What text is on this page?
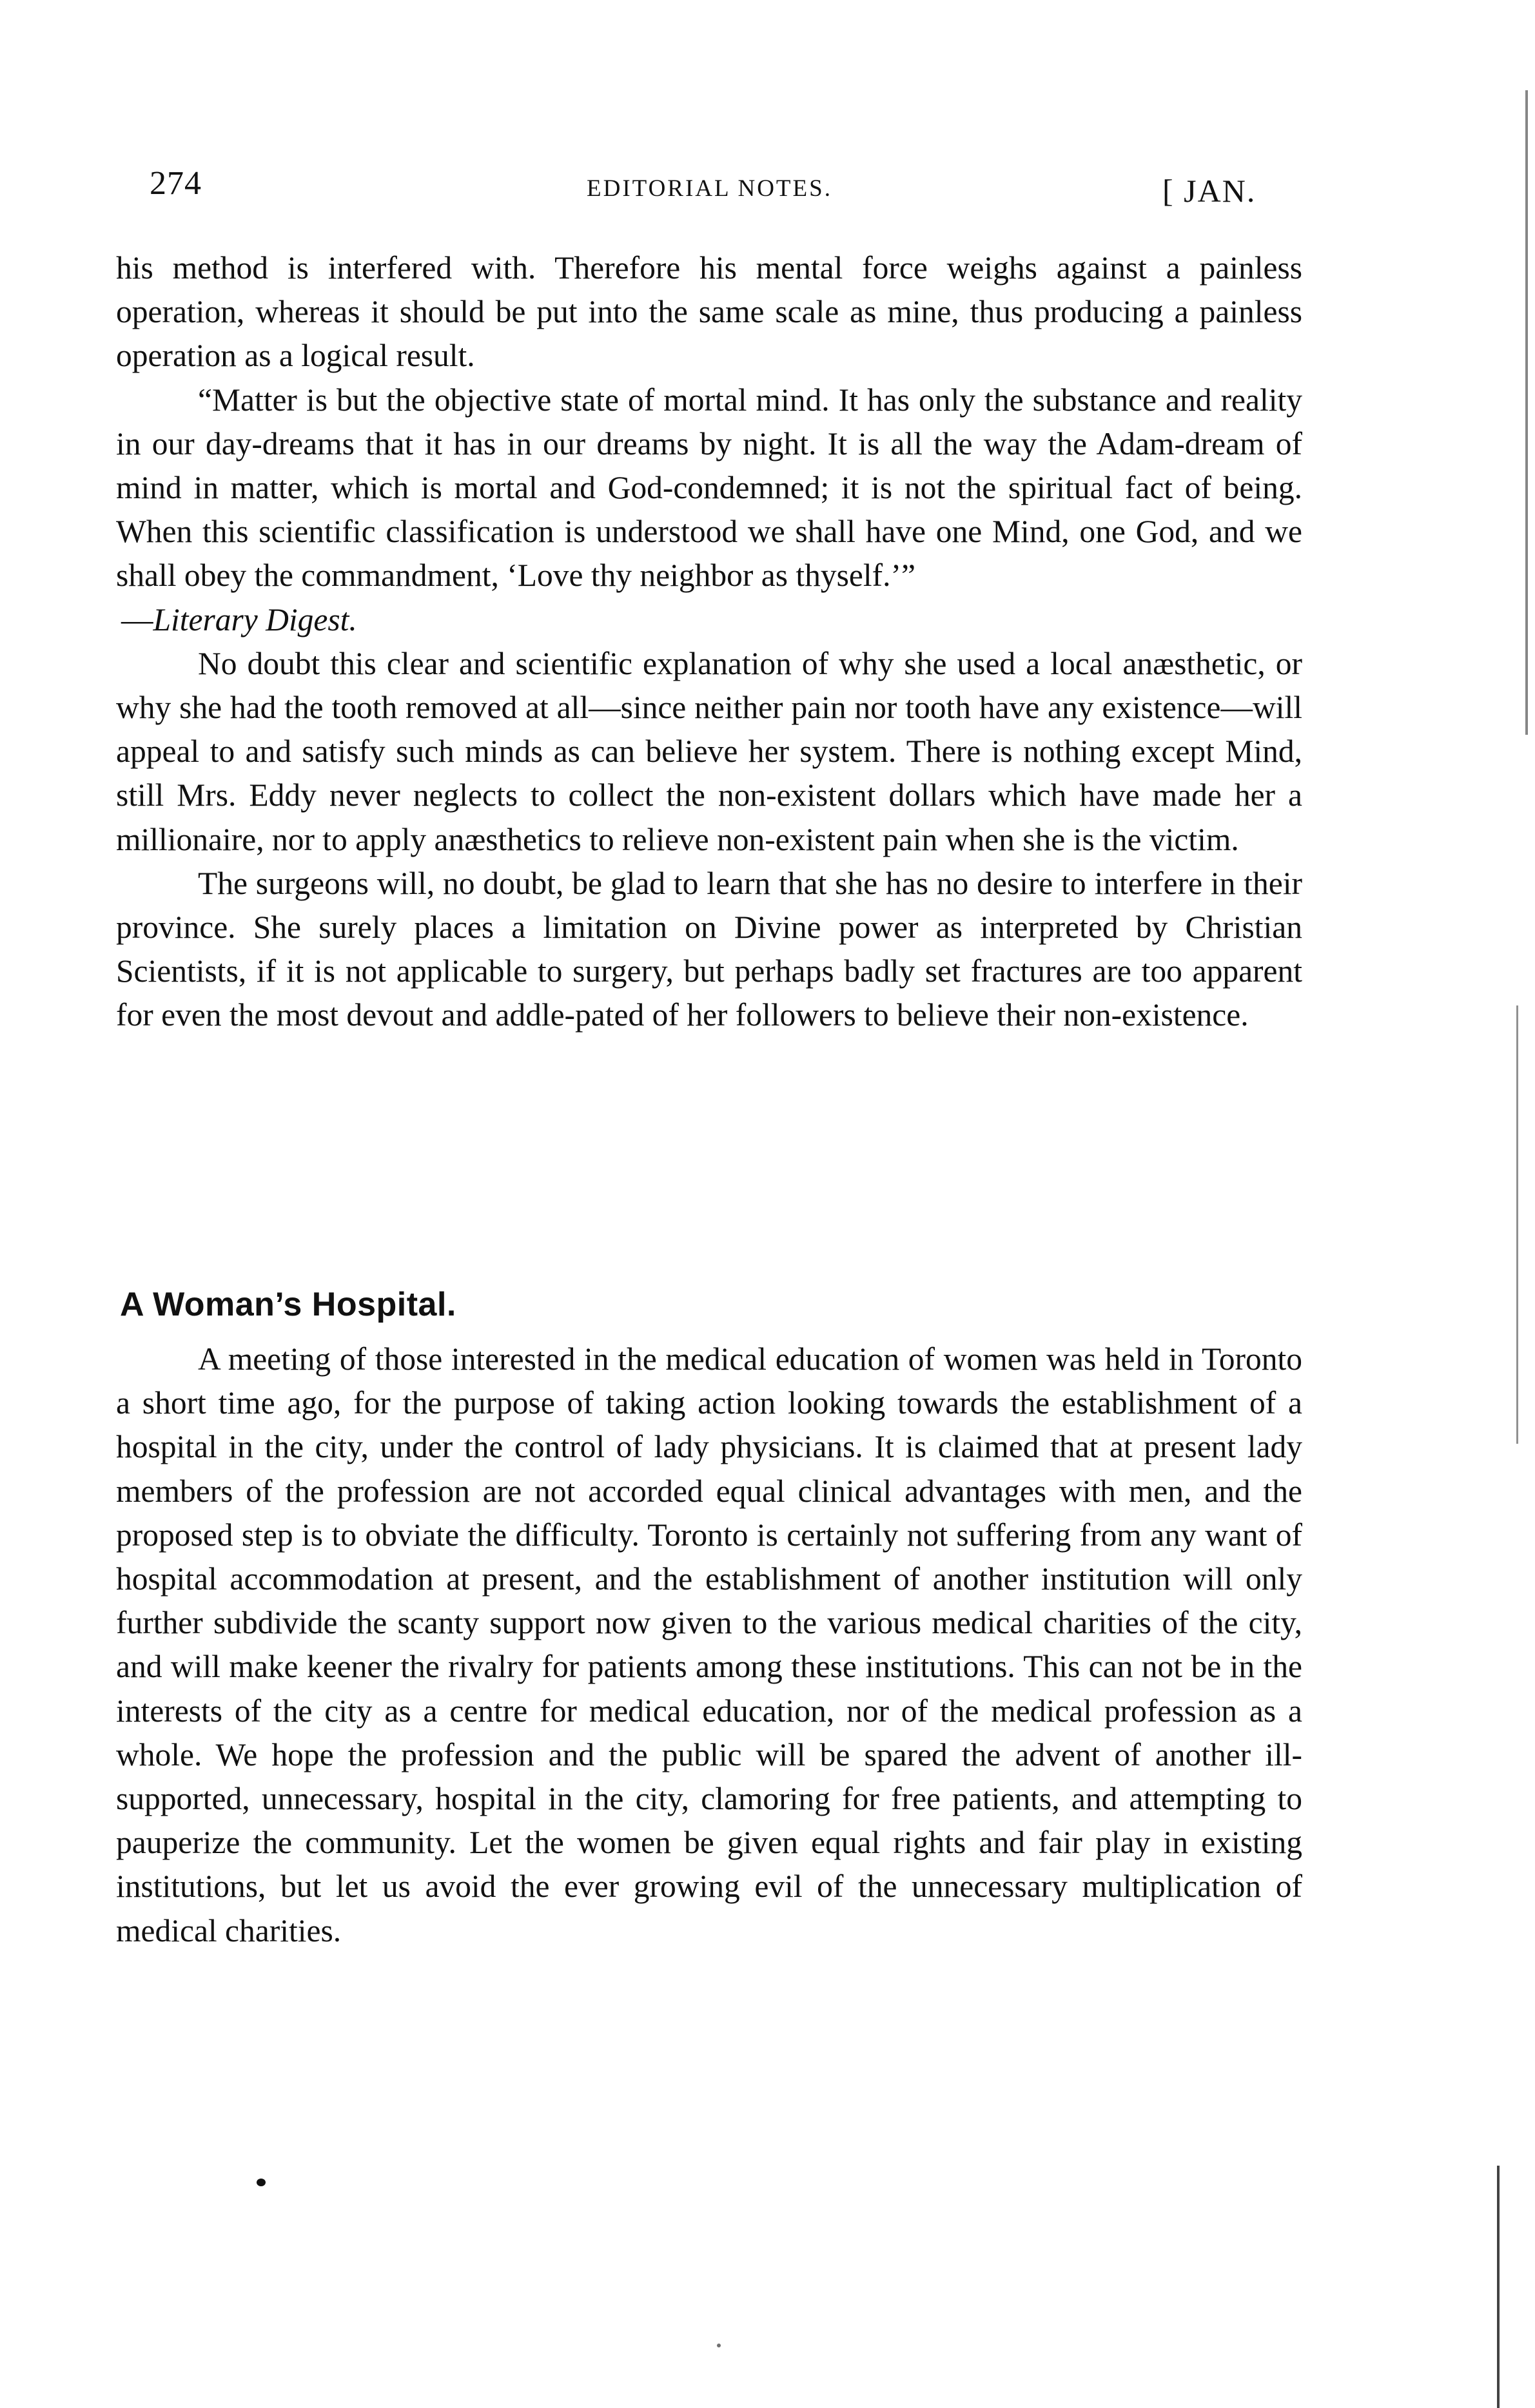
274	EDITORIAL NOTES.	[ JAN.

his method is interfered with. Therefore his mental force weighs against a painless operation, whereas it should be put into the same scale as mine, thus producing a painless operation as a logical result.

“Matter is but the objective state of mortal mind. It has only the substance and reality in our day-dreams that it has in our dreams by night. It is all the way the Adam-dream of mind in matter, which is mortal and God-condemned; it is not the spiritual fact of being. When this scientific classification is understood we shall have one Mind, one God, and we shall obey the commandment, ‘Love thy neighbor as thyself.’”

—Literary Digest.

No doubt this clear and scientific explanation of why she used a local anæsthetic, or why she had the tooth removed at all—since neither pain nor tooth have any existence—will appeal to and satisfy such minds as can believe her system. There is nothing except Mind, still Mrs. Eddy never neglects to collect the non-existent dollars which have made her a millionaire, nor to apply anæsthetics to relieve non-existent pain when she is the victim.

The surgeons will, no doubt, be glad to learn that she has no desire to interfere in their province. She surely places a limitation on Divine power as interpreted by Christian Scientists, if it is not applicable to surgery, but perhaps badly set fractures are too apparent for even the most devout and addle-pated of her followers to believe their non-existence.

A Woman’s Hospital.

A meeting of those interested in the medical education of women was held in Toronto a short time ago, for the purpose of taking action looking towards the establishment of a hospital in the city, under the control of lady physicians. It is claimed that at present lady members of the profession are not accorded equal clinical advantages with men, and the proposed step is to obviate the difficulty. Toronto is certainly not suffering from any want of hospital accommodation at present, and the establishment of another institution will only further subdivide the scanty support now given to the various medical charities of the city, and will make keener the rivalry for patients among these institutions. This can not be in the interests of the city as a centre for medical education, nor of the medical profession as a whole. We hope the profession and the public will be spared the advent of another ill-supported, unnecessary, hospital in the city, clamoring for free patients, and attempting to pauperize the community. Let the women be given equal rights and fair play in existing institutions, but let us avoid the ever growing evil of the unnecessary multiplication of medical charities.
